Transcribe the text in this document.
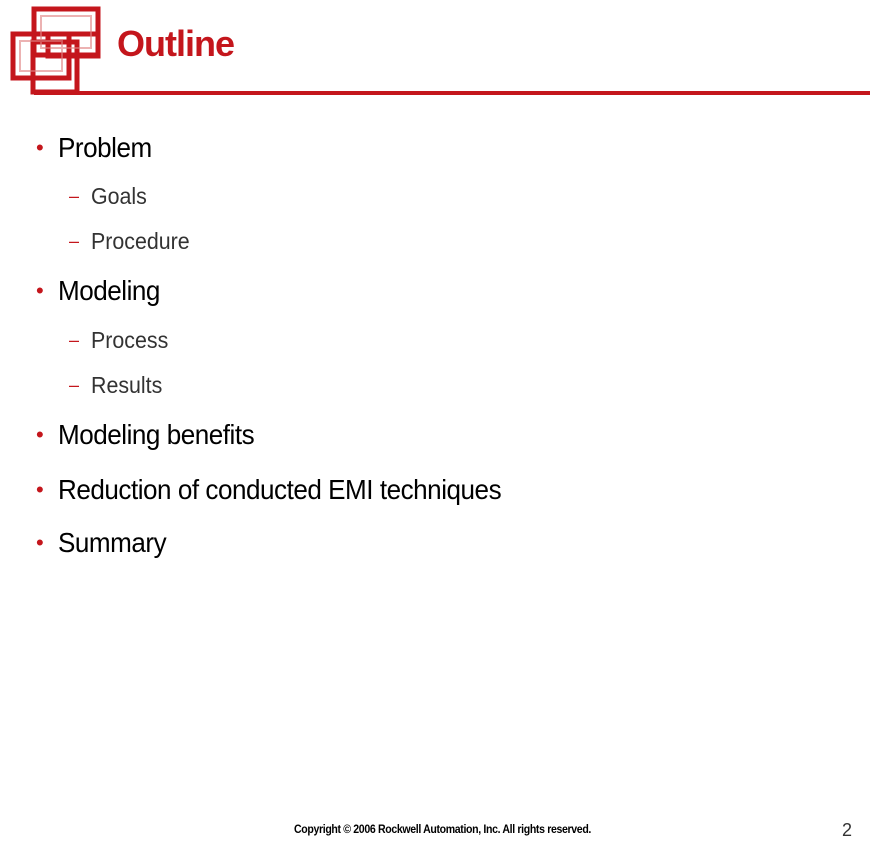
Outline
• Problem
– Goals
– Procedure
• Modeling
– Process
– Results
• Modeling benefits
• Reduction of conducted EMI techniques
• Summary
Copyright © 2006 Rockwell Automation, Inc. All rights reserved.	2
